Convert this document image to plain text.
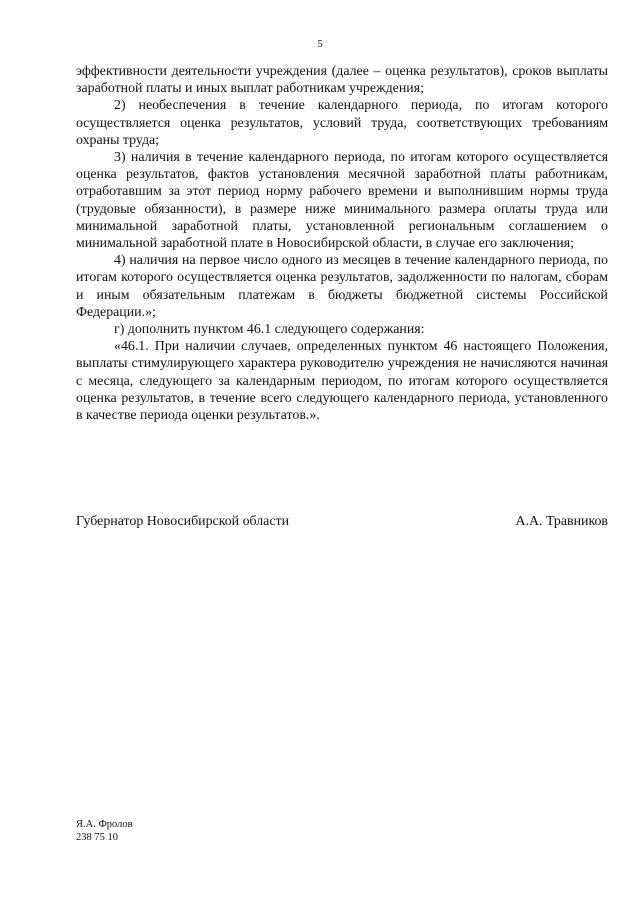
5

эффективности деятельности учреждения (далее – оценка результатов), сроков выплаты заработной платы и иных выплат работникам учреждения;

2) необеспечения в течение календарного периода, по итогам которого осуществляется оценка результатов, условий труда, соответствующих требованиям охраны труда;

3) наличия в течение календарного периода, по итогам которого осуществляется оценка результатов, фактов установления месячной заработной платы работникам, отработавшим за этот период норму рабочего времени и выполнившим нормы труда (трудовые обязанности), в размере ниже минимального размера оплаты труда или минимальной заработной платы, установленной региональным соглашением о минимальной заработной плате в Новосибирской области, в случае его заключения;

4) наличия на первое число одного из месяцев в течение календарного периода, по итогам которого осуществляется оценка результатов, задолженности по налогам, сборам и иным обязательным платежам в бюджеты бюджетной системы Российской Федерации.»;

г) дополнить пунктом 46.1 следующего содержания:

«46.1. При наличии случаев, определенных пунктом 46 настоящего Положения, выплаты стимулирующего характера руководителю учреждения не начисляются начиная с месяца, следующего за календарным периодом, по итогам которого осуществляется оценка результатов, в течение всего следующего календарного периода, установленного в качестве периода оценки результатов.».

Губернатор Новосибирской области	А.А. Травников
Я.А. Фролов
238 75 10
